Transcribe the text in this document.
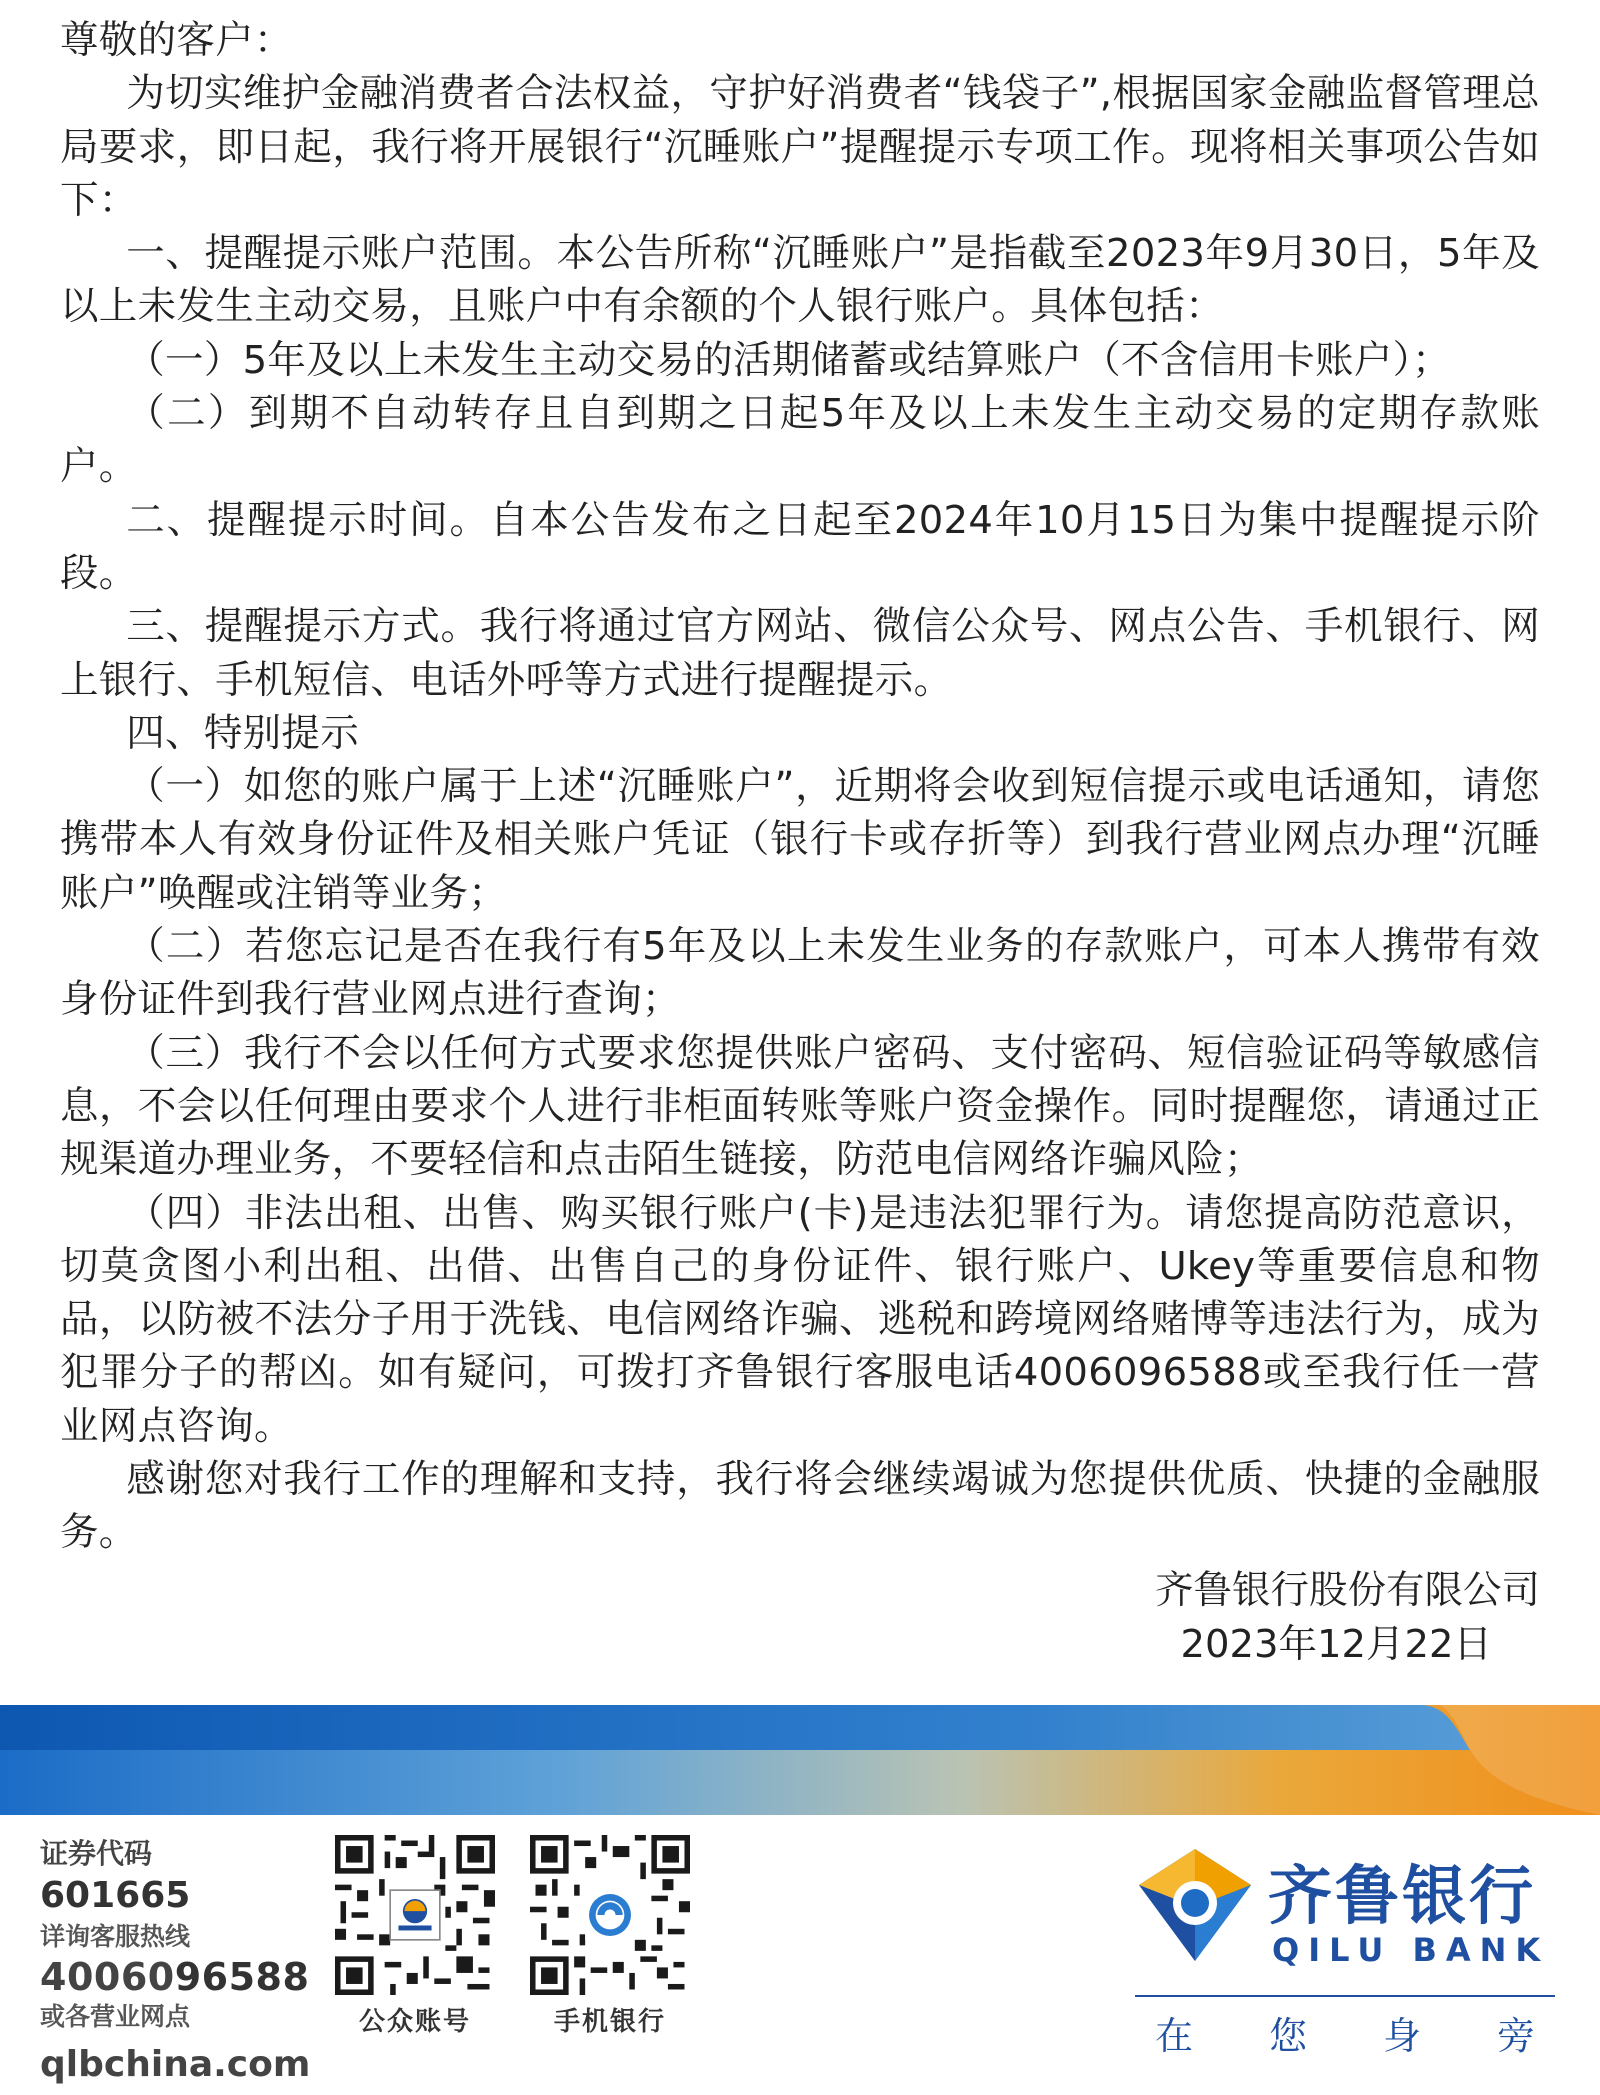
尊敬的客户：

为切实维护金融消费者合法权益，守护好消费者“钱袋子”,根据国家金融监督管理总局要求，即日起，我行将开展银行“沉睡账户”提醒提示专项工作。现将相关事项公告如下：

一、提醒提示账户范围。本公告所称“沉睡账户”是指截至2023年9月30日，5年及以上未发生主动交易，且账户中有余额的个人银行账户。具体包括：

（一）5年及以上未发生主动交易的活期储蓄或结算账户（不含信用卡账户）；

（二）到期不自动转存且自到期之日起5年及以上未发生主动交易的定期存款账户。

二、提醒提示时间。自本公告发布之日起至2024年10月15日为集中提醒提示阶段。

三、提醒提示方式。我行将通过官方网站、微信公众号、网点公告、手机银行、网上银行、手机短信、电话外呼等方式进行提醒提示。

四、特别提示

（一）如您的账户属于上述“沉睡账户”，近期将会收到短信提示或电话通知，请您携带本人有效身份证件及相关账户凭证（银行卡或存折等）到我行营业网点办理“沉睡账户”唤醒或注销等业务；

（二）若您忘记是否在我行有5年及以上未发生业务的存款账户，可本人携带有效身份证件到我行营业网点进行查询；

（三）我行不会以任何方式要求您提供账户密码、支付密码、短信验证码等敏感信息，不会以任何理由要求个人进行非柜面转账等账户资金操作。同时提醒您，请通过正规渠道办理业务，不要轻信和点击陌生链接，防范电信网络诈骗风险；

（四）非法出租、出售、购买银行账户(卡)是违法犯罪行为。请您提高防范意识，切莫贪图小利出租、出借、出售自己的身份证件、银行账户、Ukey等重要信息和物品，以防被不法分子用于洗钱、电信网络诈骗、逃税和跨境网络赌博等违法行为，成为犯罪分子的帮凶。如有疑问，可拨打齐鲁银行客服电话4006096588或至我行任一营业网点咨询。

感谢您对我行工作的理解和支持，我行将会继续竭诚为您提供优质、快捷的金融服务。

齐鲁银行股份有限公司
2023年12月22日
证券代码601665
详询客服热线
4006096588
或各营业网点
qlbchina.com
公众账号	手机银行
齐鲁银行
QILU BANK
在 您 身 旁
